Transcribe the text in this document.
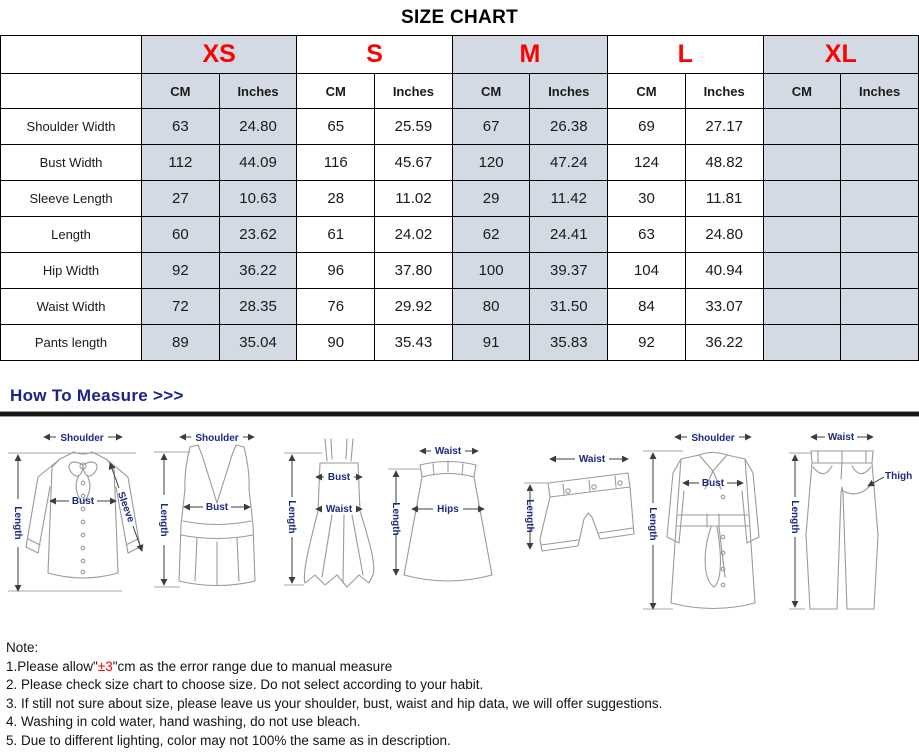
SIZE CHART
	XS		S		M		L		XL	
	CM	Inches	CM	Inches	CM	Inches	CM	Inches	CM	Inches
Shoulder Width	63	24.80	65	25.59	67	26.38	69	27.17		
Bust Width	112	44.09	116	45.67	120	47.24	124	48.82		
Sleeve Length	27	10.63	28	11.02	29	11.42	30	11.81		
Length	60	23.62	61	24.02	62	24.41	63	24.80		
Hip Width	92	36.22	96	37.80	100	39.37	104	40.94		
Waist Width	72	28.35	76	29.92	80	31.50	84	33.07		
Pants length	89	35.04	90	35.43	91	35.83	92	36.22		
How To Measure >>>
Shoulder
Bust Sleeve
Length
Shoulder
Bust
Length
Bust
Waist
Length
Waist
Hips
Length
Waist
Length
Shoulder
Bust
Length
Waist
Thigh
Length
Note:
1.Please allow"±3"cm as the error range due to manual measure
2. Please check size chart to choose size. Do not select according to your habit.
3. If still not sure about size, please leave us your shoulder, bust, waist and hip data, we will offer suggestions.
4. Washing in cold water, hand washing, do not use bleach.
5. Due to different lighting, color may not 100% the same as in description.
